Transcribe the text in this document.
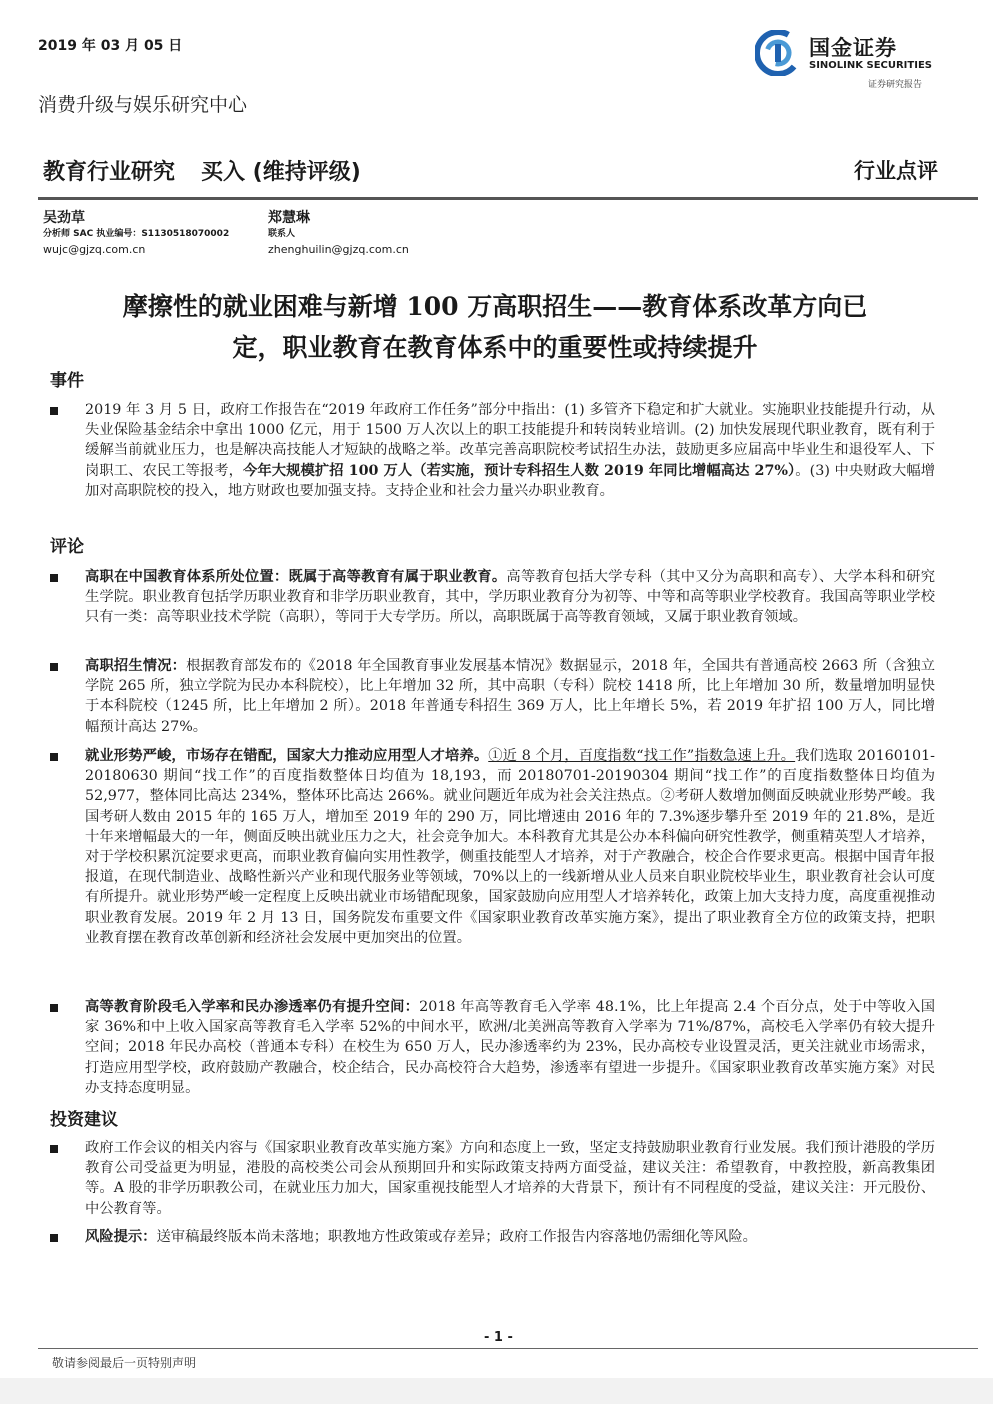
2019 年 03 月 05 日	国金证券
SINOLINK SECURITIES
证券研究报告
消费升级与娱乐研究中心
教育行业研究 买入 (维持评级)	行业点评
吴劲草
分析师 SAC 执业编号：S1130518070002
wujc@gjzq.com.cn
郑慧琳
联系人
zhenghuilin@gjzq.com.cn
摩擦性的就业困难与新增 100 万高职招生——教育体系改革方向已
定，职业教育在教育体系中的重要性或持续提升
事件
2019 年 3 月 5 日，政府工作报告在“2019 年政府工作任务”部分中指出：(1) 多管齐下稳定和扩大就业。实施职业技能提升行动，从失业保险基金结余中拿出 1000 亿元，用于 1500 万人次以上的职工技能提升和转岗转业培训。(2) 加快发展现代职业教育，既有利于缓解当前就业压力，也是解决高技能人才短缺的战略之举。改革完善高职院校考试招生办法，鼓励更多应届高中毕业生和退役军人、下岗职工、农民工等报考，今年大规模扩招 100 万人（若实施，预计专科招生人数 2019 年同比增幅高达 27%）。(3) 中央财政大幅增加对高职院校的投入，地方财政也要加强支持。支持企业和社会力量兴办职业教育。
评论
高职在中国教育体系所处位置：既属于高等教育有属于职业教育。高等教育包括大学专科（其中又分为高职和高专）、大学本科和研究生学院。职业教育包括学历职业教育和非学历职业教育，其中，学历职业教育分为初等、中等和高等职业学校教育。我国高等职业学校只有一类：高等职业技术学院（高职），等同于大专学历。所以，高职既属于高等教育领域，又属于职业教育领域。
高职招生情况：根据教育部发布的《2018 年全国教育事业发展基本情况》数据显示，2018 年，全国共有普通高校 2663 所（含独立学院 265 所，独立学院为民办本科院校），比上年增加 32 所，其中高职（专科）院校 1418 所，比上年增加 30 所，数量增加明显快于本科院校（1245 所，比上年增加 2 所）。2018 年普通专科招生 369 万人，比上年增长 5%，若 2019 年扩招 100 万人，同比增幅预计高达 27%。
就业形势严峻，市场存在错配，国家大力推动应用型人才培养。①近 8 个月，百度指数“找工作”指数急速上升。我们选取 20160101-20180630 期间“找工作”的百度指数整体日均值为 18,193，而 20180701-20190304 期间“找工作”的百度指数整体日均值为 52,977，整体同比高达 234%，整体环比高达 266%。就业问题近年成为社会关注热点。②考研人数增加侧面反映就业形势严峻。我国考研人数由 2015 年的 165 万人，增加至 2019 年的 290 万，同比增速由 2016 年的 7.3%逐步攀升至 2019 年的 21.8%，是近十年来增幅最大的一年，侧面反映出就业压力之大，社会竞争加大。本科教育尤其是公办本科偏向研究性教学，侧重精英型人才培养，对于学校积累沉淀要求更高，而职业教育偏向实用性教学，侧重技能型人才培养，对于产教融合，校企合作要求更高。根据中国青年报报道，在现代制造业、战略性新兴产业和现代服务业等领域，70%以上的一线新增从业人员来自职业院校毕业生，职业教育社会认可度有所提升。就业形势严峻一定程度上反映出就业市场错配现象，国家鼓励向应用型人才培养转化，政策上加大支持力度，高度重视推动职业教育发展。2019 年 2 月 13 日，国务院发布重要文件《国家职业教育改革实施方案》，提出了职业教育全方位的政策支持，把职业教育摆在教育改革创新和经济社会发展中更加突出的位置。
高等教育阶段毛入学率和民办渗透率仍有提升空间：2018 年高等教育毛入学率 48.1%，比上年提高 2.4 个百分点，处于中等收入国家 36%和中上收入国家高等教育毛入学率 52%的中间水平，欧洲/北美洲高等教育入学率为 71%/87%，高校毛入学率仍有较大提升空间；2018 年民办高校（普通本专科）在校生为 650 万人，民办渗透率约为 23%，民办高校专业设置灵活，更关注就业市场需求，打造应用型学校，政府鼓励产教融合，校企结合，民办高校符合大趋势，渗透率有望进一步提升。《国家职业教育改革实施方案》对民办支持态度明显。
投资建议
政府工作会议的相关内容与《国家职业教育改革实施方案》方向和态度上一致，坚定支持鼓励职业教育行业发展。我们预计港股的学历教育公司受益更为明显，港股的高校类公司会从预期回升和实际政策支持两方面受益，建议关注：希望教育，中教控股，新高教集团等。A 股的非学历职教公司，在就业压力加大，国家重视技能型人才培养的大背景下，预计有不同程度的受益，建议关注：开元股份、中公教育等。
风险提示：送审稿最终版本尚未落地；职教地方性政策或存差异；政府工作报告内容落地仍需细化等风险。
- 1 -
敬请参阅最后一页特别声明
